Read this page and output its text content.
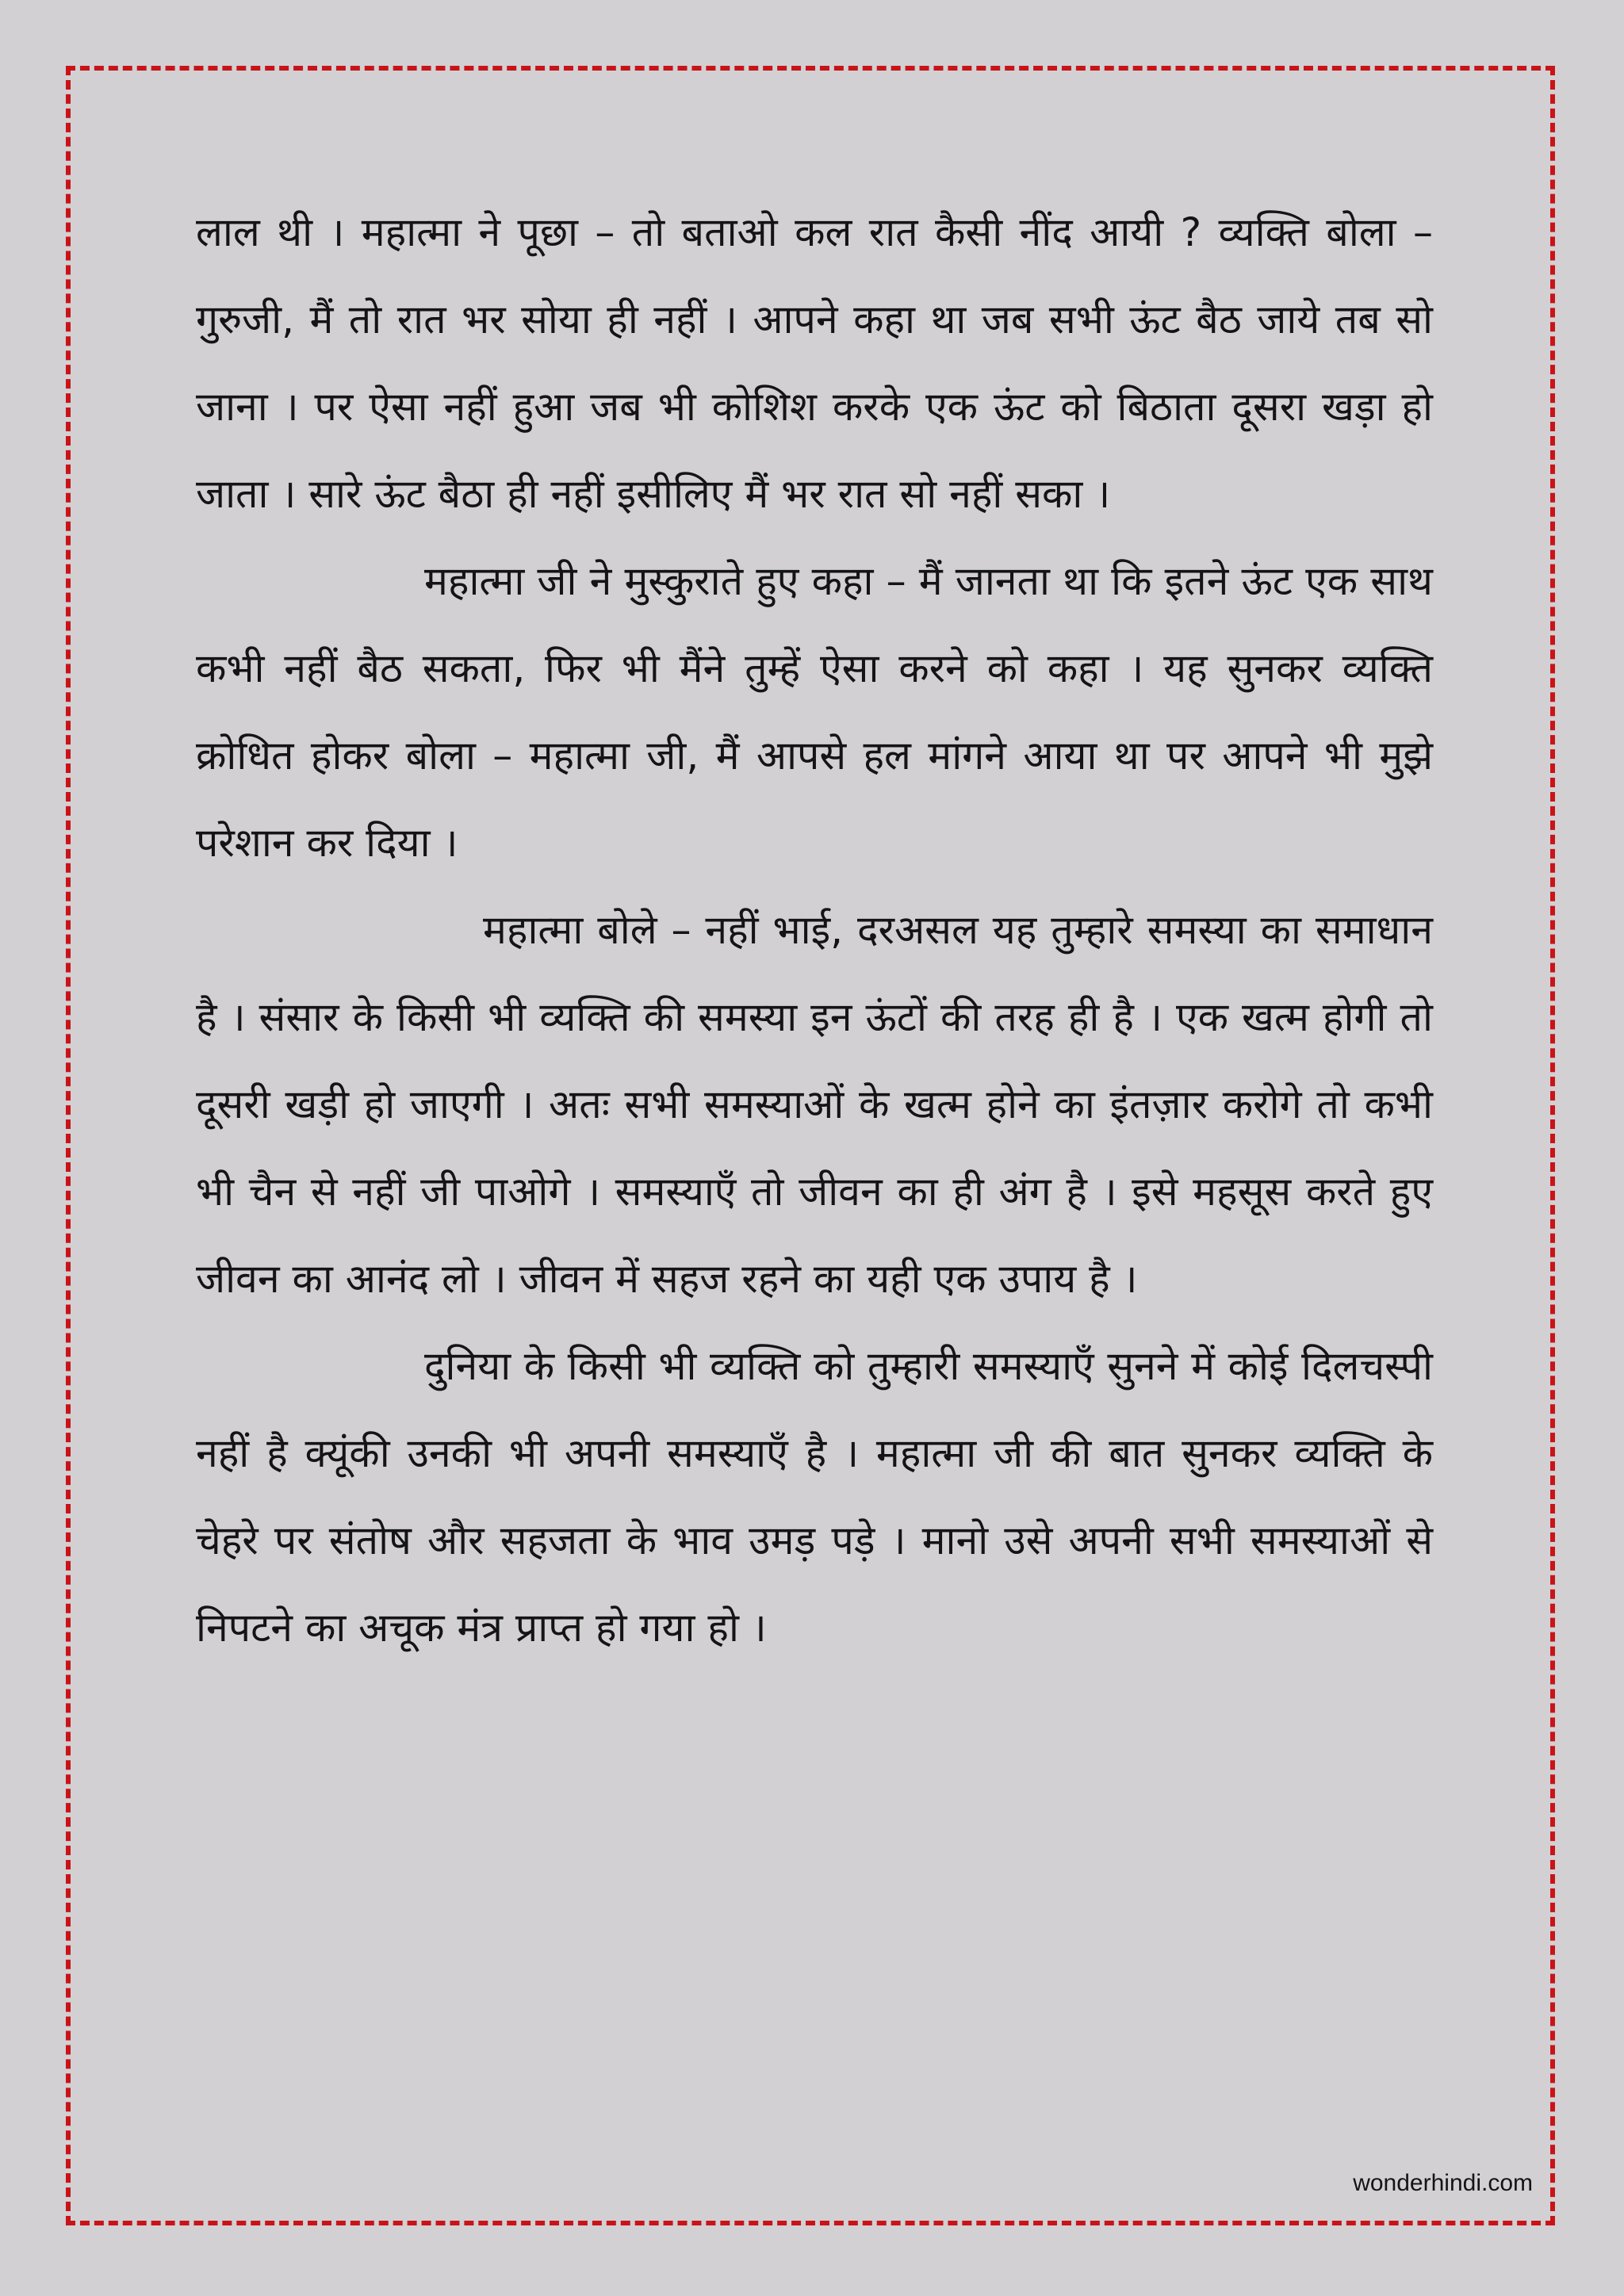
लाल थी । महात्मा ने पूछा – तो बताओ कल रात कैसी नींद आयी ? व्यक्ति बोला – गुरुजी, मैं तो रात भर सोया ही नहीं । आपने कहा था जब सभी ऊंट बैठ जाये तब सो जाना । पर ऐसा नहीं हुआ जब भी कोशिश करके एक ऊंट को बिठाता दूसरा खड़ा हो जाता । सारे ऊंट बैठा ही नहीं इसीलिए मैं भर रात सो नहीं सका ।

महात्मा जी ने मुस्कुराते हुए कहा – मैं जानता था कि इतने ऊंट एक साथ कभी नहीं बैठ सकता, फिर भी मैंने तुम्हें ऐसा करने को कहा । यह सुनकर व्यक्ति क्रोधित होकर बोला – महात्मा जी, मैं आपसे हल मांगने आया था पर आपने भी मुझे परेशान कर दिया ।

महात्मा बोले – नहीं भाई, दरअसल यह तुम्हारे समस्या का समाधान है । संसार के किसी भी व्यक्ति की समस्या इन ऊंटों की तरह ही है । एक खत्म होगी तो दूसरी खड़ी हो जाएगी । अतः सभी समस्याओं के खत्म होने का इंतज़ार करोगे तो कभी भी चैन से नहीं जी पाओगे । समस्याएँ तो जीवन का ही अंग है । इसे महसूस करते हुए जीवन का आनंद लो । जीवन में सहज रहने का यही एक उपाय है ।

दुनिया के किसी भी व्यक्ति को तुम्हारी समस्याएँ सुनने में कोई दिलचस्पी नहीं है क्यूंकी उनकी भी अपनी समस्याएँ है । महात्मा जी की बात सुनकर व्यक्ति के चेहरे पर संतोष और सहजता के भाव उमड़ पड़े । मानो उसे अपनी सभी समस्याओं से निपटने का अचूक मंत्र प्राप्त हो गया हो ।

wonderhindi.com
